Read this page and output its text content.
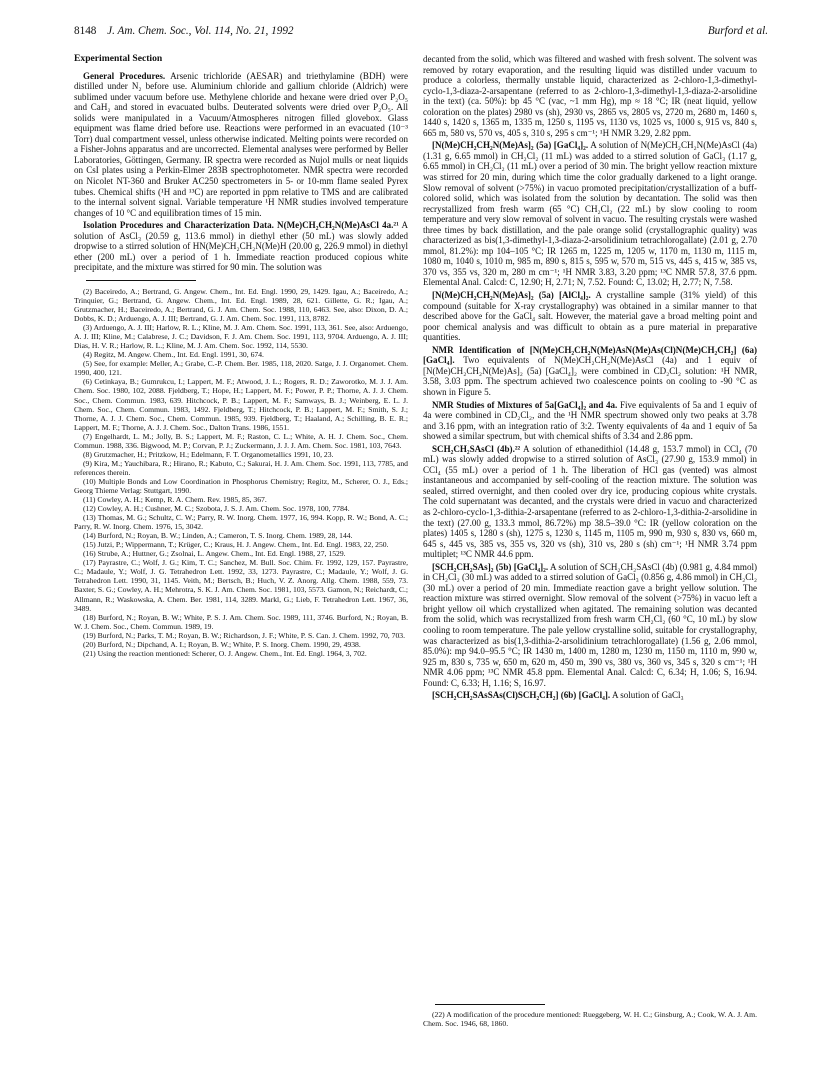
8148 J. Am. Chem. Soc., Vol. 114, No. 21, 1992	Burford et al.
Experimental Section

General Procedures. Arsenic trichloride (AESAR) and triethylamine (BDH) were distilled under N₂ before use. Aluminium chloride and gallium chloride (Aldrich) were sublimed under vacuum before use. Methylene chloride and hexane were dried over P₂O₅ and CaH₂ and stored in evacuated bulbs. Deuterated solvents were dried over P₂O₅. All solids were manipulated in a Vacuum/Atmospheres nitrogen filled glovebox. Glass equipment was flame dried before use. Reactions were performed in an evacuated (10⁻³ Torr) dual compartment vessel, unless otherwise indicated. Melting points were recorded on a Fisher-Johns apparatus and are uncorrected. Elemental analyses were performed by Beller Laboratories, Göttingen, Germany. IR spectra were recorded as Nujol mulls or neat liquids on CsI plates using a Perkin-Elmer 283B spectrophotometer. NMR spectra were recorded on Nicolet NT-360 and Bruker AC250 spectrometers in 5- or 10-mm flame sealed Pyrex tubes. Chemical shifts (¹H and ¹³C) are reported in ppm relative to TMS and are calibrated to the internal solvent signal. Variable temperature ¹H NMR studies involved temperature changes of 10 °C and equilibration times of 15 min.

Isolation Procedures and Characterization Data. N(Me)CH₂CH₂N(Me)AsCl 4a.²¹ A solution of AsCl₃ (20.59 g, 113.6 mmol) in diethyl ether (50 mL) was slowly added dropwise to a stirred solution of HN(Me)CH₂CH₂N(Me)H (20.00 g, 226.9 mmol) in diethyl ether (200 mL) over a period of 1 h. Immediate reaction produced copious white precipitate, and the mixture was stirred for 90 min. The solution was

(2) Baceiredo, A.; Bertrand, G. Angew. Chem., Int. Ed. Engl. 1990, 29, 1429. Igau, A.; Baceiredo, A.; Trinquier, G.; Bertrand, G. Angew. Chem., Int. Ed. Engl. 1989, 28, 621. Gillette, G. R.; Igau, A.; Grutzmacher, H.; Baceiredo, A.; Bertrand, G. J. Am. Chem. Soc. 1988, 110, 6463. See, also: Dixon, D. A.; Dobbs, K. D.; Arduengo, A. J. III; Bertrand, G. J. Am. Chem. Soc. 1991, 113, 8782.

(3) Arduengo, A. J. III; Harlow, R. L.; Kline, M. J. Am. Chem. Soc. 1991, 113, 361. See, also: Arduengo, A. J. III; Kline, M.; Calabrese, J. C.; Davidson, F. J. Am. Chem. Soc. 1991, 113, 9704. Arduengo, A. J. III; Dias, H. V. R.; Harlow, R. L.; Kline, M. J. Am. Chem. Soc. 1992, 114, 5530.

(4) Regitz, M. Angew. Chem., Int. Ed. Engl. 1991, 30, 674.

(5) See, for example: Meller, A.; Grabe, C.-P. Chem. Ber. 1985, 118, 2020. Satge, J. J. Organomet. Chem. 1990, 400, 121.

(6) Cetinkaya, B.; Gumrukcu, I.; Lappert, M. F.; Atwood, J. L.; Rogers, R. D.; Zaworotko, M. J. J. Am. Chem. Soc. 1980, 102, 2088. Fjeldberg, T.; Hope, H.; Lappert, M. F.; Power, P. P.; Thorne, A. J. J. Chem. Soc., Chem. Commun. 1983, 639. Hitchcock, P. B.; Lappert, M. F.; Samways, B. J.; Weinberg, E. L. J. Chem. Soc., Chem. Commun. 1983, 1492. Fjeldberg, T.; Hitchcock, P. B.; Lappert, M. F.; Smith, S. J.; Thorne, A. J. J. Chem. Soc., Chem. Commun. 1985, 939. Fjeldberg, T.; Haaland, A.; Schilling, B. E. R.; Lappert, M. F.; Thorne, A. J. J. Chem. Soc., Dalton Trans. 1986, 1551.

(7) Engelhardt, L. M.; Jolly, B. S.; Lappert, M. F.; Raston, C. L.; White, A. H. J. Chem. Soc., Chem. Commun. 1988, 336. Bigwood, M. P.; Corvan, P. J.; Zuckermann, J. J. J. Am. Chem. Soc. 1981, 103, 7643.

(8) Grutzmacher, H.; Pritzkow, H.; Edelmann, F. T. Organometallics 1991, 10, 23.

(9) Kira, M.; Yauchibara, R.; Hirano, R.; Kabuto, C.; Sakurai, H. J. Am. Chem. Soc. 1991, 113, 7785, and references therein.

(10) Multiple Bonds and Low Coordination in Phosphorus Chemistry; Regitz, M., Scherer, O. J., Eds.; Georg Thieme Verlag: Stuttgart, 1990.

(11) Cowley, A. H.; Kemp, R. A. Chem. Rev. 1985, 85, 367.

(12) Cowley, A. H.; Cushner, M. C.; Szobota, J. S. J. Am. Chem. Soc. 1978, 100, 7784.

(13) Thomas, M. G.; Schultz, C. W.; Parry, R. W. Inorg. Chem. 1977, 16, 994. Kopp, R. W.; Bond, A. C.; Parry, R. W. Inorg. Chem. 1976, 15, 3042.

(14) Burford, N.; Royan, B. W.; Linden, A.; Cameron, T. S. Inorg. Chem. 1989, 28, 144.

(15) Jutzi, P.; Wippermann, T.; Krüger, C.; Kraus, H. J. Angew. Chem., Int. Ed. Engl. 1983, 22, 250.

(16) Strube, A.; Huttner, G.; Zsolnai, L. Angew. Chem., Int. Ed. Engl. 1988, 27, 1529.

(17) Payrastre, C.; Wolf, J. G.; Kim, T. C.; Sanchez, M. Bull. Soc. Chim. Fr. 1992, 129, 157. Payrastre, C.; Madaule, Y.; Wolf, J. G. Tetrahedron Lett. 1992, 33, 1273. Payrastre, C.; Madaule, Y.; Wolf, J. G. Tetrahedron Lett. 1990, 31, 1145. Veith, M.; Bertsch, B.; Huch, V. Z. Anorg. Allg. Chem. 1988, 559, 73. Baxter, S. G.; Cowley, A. H.; Mehrotra, S. K. J. Am. Chem. Soc. 1981, 103, 5573. Gamon, N.; Reichardt, C.; Allmann, R.; Waskowska, A. Chem. Ber. 1981, 114, 3289. Markl, G.; Lieb, F. Tetrahedron Lett. 1967, 36, 3489.

(18) Burford, N.; Royan, B. W.; White, P. S. J. Am. Chem. Soc. 1989, 111, 3746. Burford, N.; Royan, B. W. J. Chem. Soc., Chem. Commun. 1989, 19.

(19) Burford, N.; Parks, T. M.; Royan, B. W.; Richardson, J. F.; White, P. S. Can. J. Chem. 1992, 70, 703.

(20) Burford, N.; Dipchand, A. I.; Royan, B. W.; White, P. S. Inorg. Chem. 1990, 29, 4938.

(21) Using the reaction mentioned: Scherer, O. J. Angew. Chem., Int. Ed. Engl. 1964, 3, 702.

decanted from the solid, which was filtered and washed with fresh solvent. The solvent was removed by rotary evaporation, and the resulting liquid was distilled under vacuum to produce a colorless, thermally unstable liquid, characterized as 2-chloro-1,3-dimethyl-cyclo-1,3-diaza-2-arsapentane (referred to as 2-chloro-1,3-dimethyl-1,3-diaza-2-arsolidine in the text) (ca. 50%): bp 45 °C (vac, ~1 mm Hg), mp ≈ 18 °C; IR (neat liquid, yellow coloration on the plates) 2980 vs (sh), 2930 vs, 2865 vs, 2805 vs, 2720 m, 2680 m, 1460 s, 1440 s, 1420 s, 1365 m, 1335 m, 1250 s, 1195 vs, 1130 vs, 1025 vs, 1000 s, 915 vs, 840 s, 665 m, 580 vs, 570 vs, 405 s, 310 s, 295 s cm⁻¹; ¹H NMR 3.29, 2.82 ppm.

[N(Me)CH₂CH₂N(Me)As]₂ (5a) [GaCl₄]₂. A solution of N(Me)CH₂CH₂N(Me)AsCl (4a) (1.31 g, 6.65 mmol) in CH₂Cl₂ (11 mL) was added to a stirred solution of GaCl₃ (1.17 g, 6.65 mmol) in CH₂Cl₂ (11 mL) over a period of 30 min. The bright yellow reaction mixture was stirred for 20 min, during which time the color gradually darkened to a light orange. Slow removal of solvent (>75%) in vacuo promoted precipitation/crystallization of a buff-colored solid, which was isolated from the solution by decantation. The solid was then recrystallized from fresh warm (65 °C) CH₂Cl₂ (22 mL) by slow cooling to room temperature and very slow removal of solvent in vacuo. The resulting crystals were washed three times by back distillation, and the pale orange solid (crystallographic quality) was characterized as bis(1,3-dimethyl-1,3-diaza-2-arsolidinium tetrachlorogallate) (2.01 g, 2.70 mmol, 81.2%): mp 104–105 °C; IR 1265 m, 1225 m, 1205 w, 1170 m, 1130 m, 1115 m, 1080 m, 1040 s, 1010 m, 985 m, 890 s, 815 s, 595 w, 570 m, 515 vs, 445 s, 415 w, 385 vs, 370 vs, 355 vs, 320 m, 280 m cm⁻¹; ¹H NMR 3.83, 3.20 ppm; ¹³C NMR 57.8, 37.6 ppm. Elemental Anal. Calcd: C, 12.90; H, 2.71; N, 7.52. Found: C, 13.02; H, 2.77; N, 7.58.

[N(Me)CH₂CH₂N(Me)As]₂ (5a) [AlCl₄]₂. A crystalline sample (31% yield) of this compound (suitable for X-ray crystallography) was obtained in a similar manner to that described above for the GaCl₄ salt. However, the material gave a broad melting point and poor chemical analysis and was difficult to obtain as a pure material in preparative quantities.

NMR Identification of [N(Me)CH₂CH₂N(Me)AsN(Me)As(Cl)N(Me)CH₂CH₂] (6a) [GaCl₄]. Two equivalents of N(Me)CH₂CH₂N(Me)AsCl (4a) and 1 equiv of [N(Me)CH₂CH₂N(Me)As]₂ (5a) [GaCl₄]₂ were combined in CD₂Cl₂ solution: ¹H NMR, 3.58, 3.03 ppm. The spectrum achieved two coalescence points on cooling to -90 °C as shown in Figure 5.

NMR Studies of Mixtures of 5a[GaCl₄]₂ and 4a. Five equivalents of 5a and 1 equiv of 4a were combined in CD₂Cl₂, and the ¹H NMR spectrum showed only two peaks at 3.78 and 3.16 ppm, with an integration ratio of 3:2. Twenty equivalents of 4a and 1 equiv of 5a showed a similar spectrum, but with chemical shifts of 3.34 and 2.86 ppm.

SCH₂CH₂SAsCl (4b).²² A solution of ethanedithiol (14.48 g, 153.7 mmol) in CCl₄ (70 mL) was slowly added dropwise to a stirred solution of AsCl₃ (27.90 g, 153.9 mmol) in CCl₄ (55 mL) over a period of 1 h. The liberation of HCl gas (vented) was almost instantaneous and accompanied by self-cooling of the reaction mixture. The solution was sealed, stirred overnight, and then cooled over dry ice, producing copious white crystals. The cold supernatant was decanted, and the crystals were dried in vacuo and characterized as 2-chloro-cyclo-1,3-dithia-2-arsapentane (referred to as 2-chloro-1,3-dithia-2-arsolidine in the text) (27.00 g, 133.3 mmol, 86.72%) mp 38.5–39.0 °C: IR (yellow coloration on the plates) 1405 s, 1280 s (sh), 1275 s, 1230 s, 1145 m, 1105 m, 990 m, 930 s, 830 vs, 660 m, 645 s, 445 vs, 385 vs, 355 vs, 320 vs (sh), 310 vs, 280 s (sh) cm⁻¹; ¹H NMR 3.74 ppm multiplet; ¹³C NMR 44.6 ppm.

[SCH₂CH₂SAs]₂ (5b) [GaCl₄]₂. A solution of SCH₂CH₂SAsCl (4b) (0.981 g, 4.84 mmol) in CH₂Cl₂ (30 mL) was added to a stirred solution of GaCl₃ (0.856 g, 4.86 mmol) in CH₂Cl₂ (30 mL) over a period of 20 min. Immediate reaction gave a bright yellow solution. The reaction mixture was stirred overnight. Slow removal of the solvent (>75%) in vacuo left a bright yellow oil which crystallized when agitated. The remaining solution was decanted from the solid, which was recrystallized from fresh warm CH₂Cl₂ (60 °C, 10 mL) by slow cooling to room temperature. The pale yellow crystalline solid, suitable for crystallography, was characterized as bis(1,3-dithia-2-arsolidinium tetrachlorogallate) (1.56 g, 2.06 mmol, 85.0%): mp 94.0–95.5 °C; IR 1430 m, 1400 m, 1280 m, 1230 m, 1150 m, 1110 m, 990 w, 925 m, 830 s, 735 w, 650 m, 620 m, 450 m, 390 vs, 380 vs, 360 vs, 345 s, 320 s cm⁻¹; ¹H NMR 4.06 ppm; ¹³C NMR 45.8 ppm. Elemental Anal. Calcd: C, 6.34; H, 1.06; S, 16.94. Found: C, 6.33; H, 1.16; S, 16.97.

[SCH₂CH₂SAsSAs(Cl)SCH₂CH₂] (6b) [GaCl₄]. A solution of GaCl₃

(22) A modification of the procedure mentioned: Rueggeberg, W. H. C.; Ginsburg, A.; Cook, W. A. J. Am. Chem. Soc. 1946, 68, 1860.
